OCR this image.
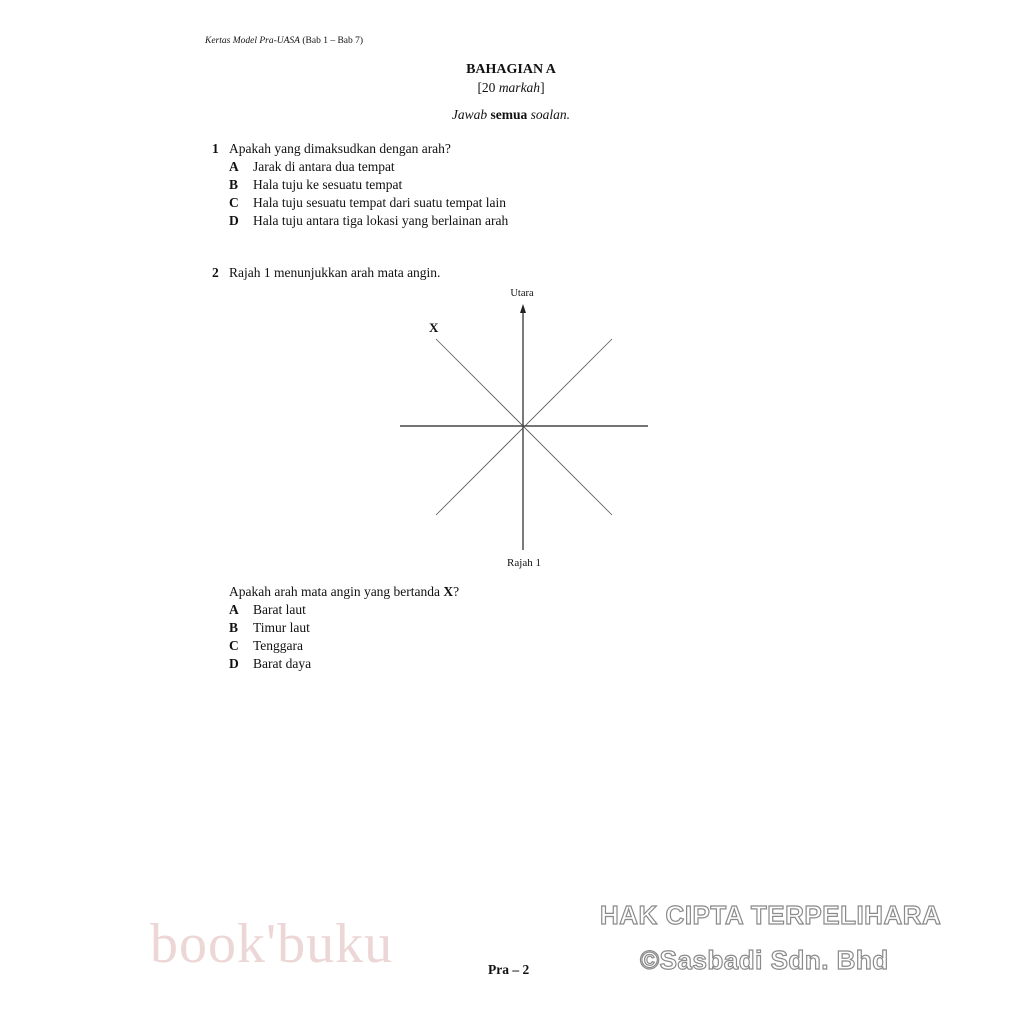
Kertas Model Pra-UASA (Bab 1 – Bab 7)
BAHAGIAN A
[20 markah]
Jawab semua soalan.
1 Apakah yang dimaksudkan dengan arah?
A Jarak di antara dua tempat
B Hala tuju ke sesuatu tempat
C Hala tuju sesuatu tempat dari suatu tempat lain
D Hala tuju antara tiga lokasi yang berlainan arah
2 Rajah 1 menunjukkan arah mata angin.
Utara
X
Rajah 1
Apakah arah mata angin yang bertanda X?
A Barat laut
B Timur laut
C Tenggara
D Barat daya
book'buku	Pra – 2
HAK CIPTA TERPELIHARA
©Sasbadi Sdn. Bhd
